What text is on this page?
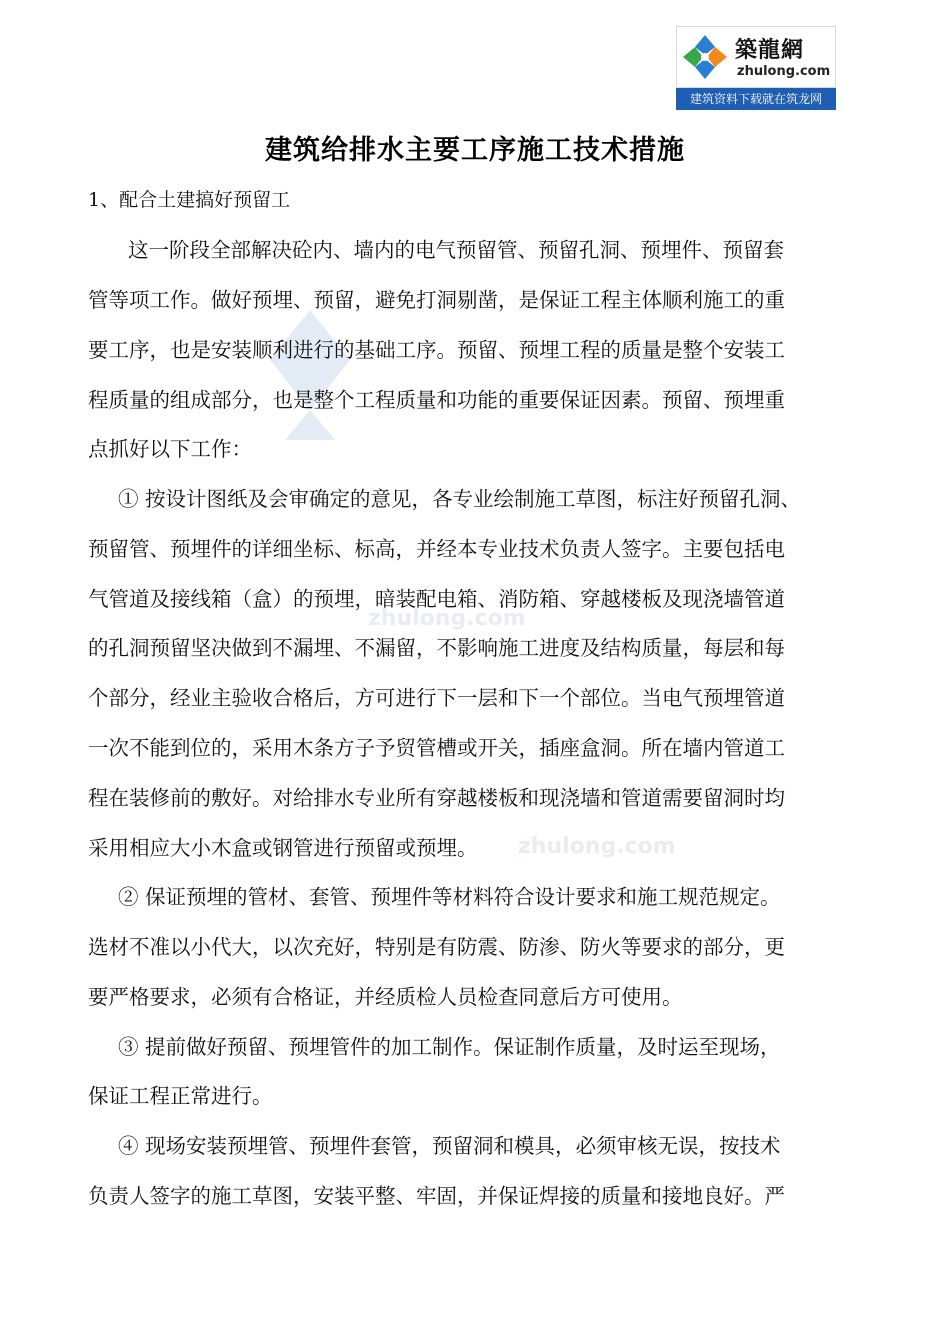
築龍網
zhulong.com
建筑资料下载就在筑龙网
zhulong.com
zhulong.com
建筑给排水主要工序施工技术措施
1、配合土建搞好预留工
这一阶段全部解决砼内、墙内的电气预留管、预留孔洞、预埋件、预留套
管等项工作。做好预埋、预留，避免打洞剔凿，是保证工程主体顺利施工的重
要工序，也是安装顺利进行的基础工序。预留、预埋工程的质量是整个安装工
程质量的组成部分，也是整个工程质量和功能的重要保证因素。预留、预埋重
点抓好以下工作：
① 按设计图纸及会审确定的意见，各专业绘制施工草图，标注好预留孔洞、
预留管、预埋件的详细坐标、标高，并经本专业技术负责人签字。主要包括电
气管道及接线箱（盒）的预埋，暗装配电箱、消防箱、穿越楼板及现浇墙管道
的孔洞预留坚决做到不漏埋、不漏留，不影响施工进度及结构质量，每层和每
个部分，经业主验收合格后，方可进行下一层和下一个部位。当电气预埋管道
一次不能到位的，采用木条方子予贸管槽或开关，插座盒洞。所在墙内管道工
程在装修前的敷好。对给排水专业所有穿越楼板和现浇墙和管道需要留洞时均
采用相应大小木盒或钢管进行预留或预埋。
② 保证预埋的管材、套管、预埋件等材料符合设计要求和施工规范规定。
选材不准以小代大，以次充好，特别是有防震、防渗、防火等要求的部分，更
要严格要求，必须有合格证，并经质检人员检查同意后方可使用。
③ 提前做好预留、预埋管件的加工制作。保证制作质量，及时运至现场，
保证工程正常进行。
④ 现场安装预埋管、预埋件套管，预留洞和模具，必须审核无误，按技术
负责人签字的施工草图，安装平整、牢固，并保证焊接的质量和接地良好。严
